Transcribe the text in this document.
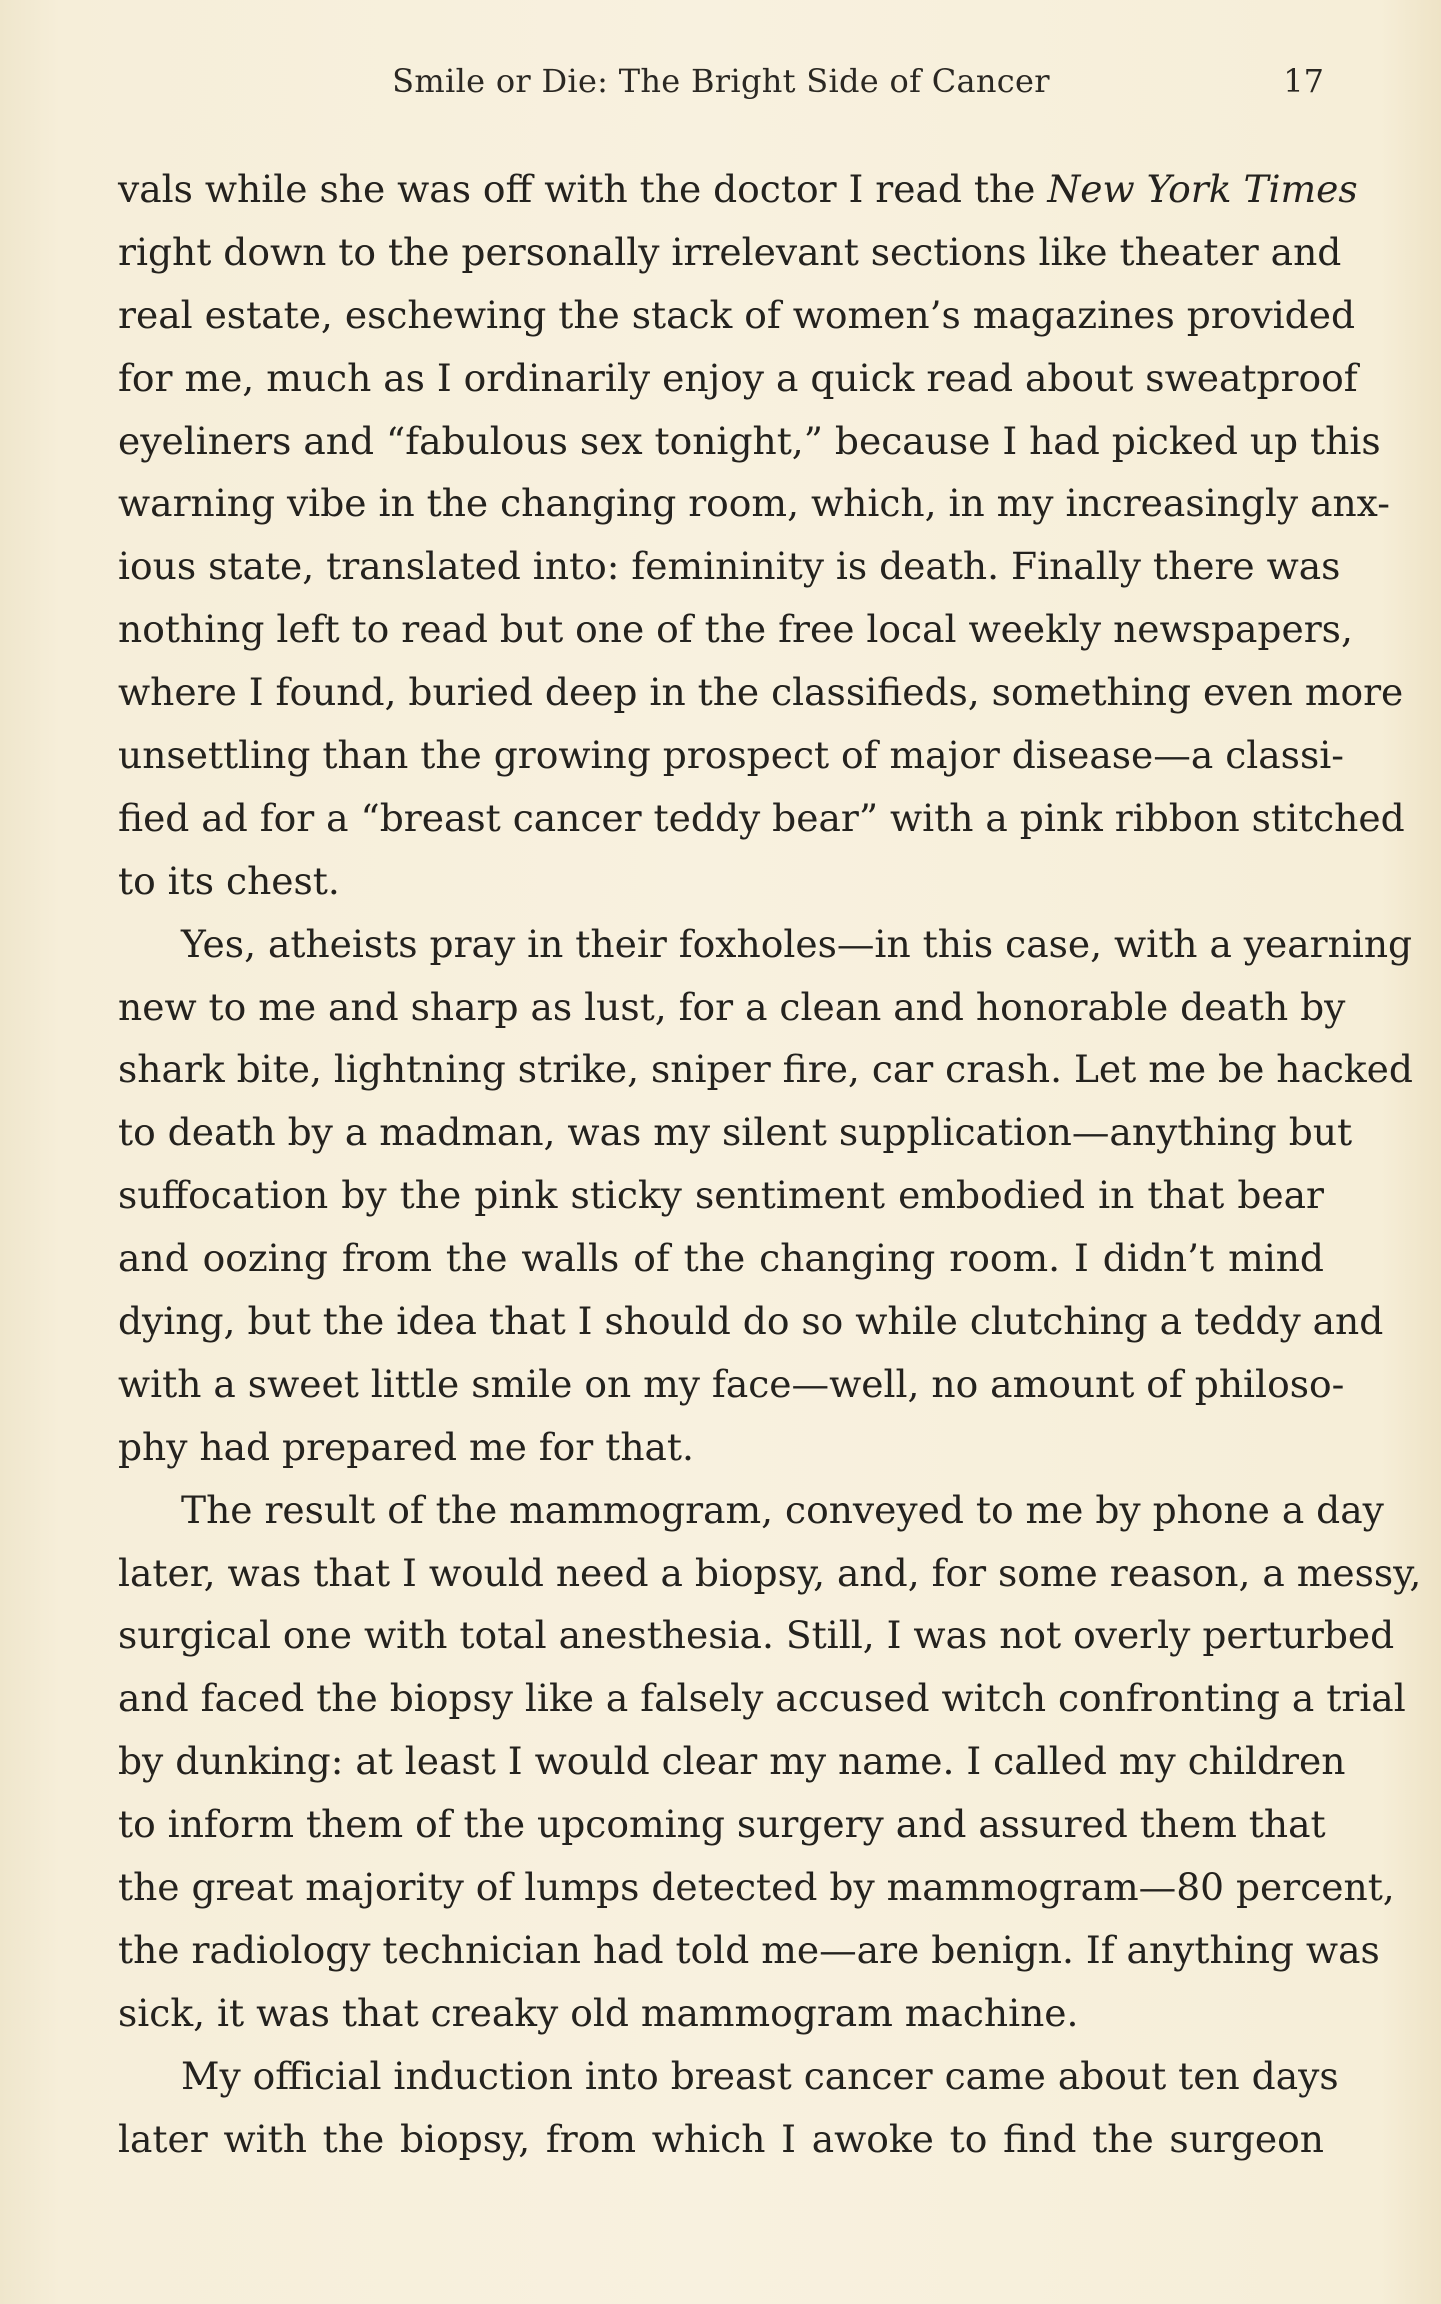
Smile or Die: The Bright Side of Cancer	17
vals while she was off with the doctor I read the New York Times
right down to the personally irrelevant sections like theater and
real estate, eschewing the stack of women’s magazines provided
for me, much as I ordinarily enjoy a quick read about sweatproof
eyeliners and “fabulous sex tonight,” because I had picked up this
warning vibe in the changing room, which, in my increasingly anx-
ious state, translated into: femininity is death. Finally there was
nothing left to read but one of the free local weekly newspapers,
where I found, buried deep in the classifieds, something even more
unsettling than the growing prospect of major disease—a classi-
fied ad for a “breast cancer teddy bear” with a pink ribbon stitched
to its chest.
Yes, atheists pray in their foxholes—in this case, with a yearning
new to me and sharp as lust, for a clean and honorable death by
shark bite, lightning strike, sniper fire, car crash. Let me be hacked
to death by a madman, was my silent supplication—anything but
suffocation by the pink sticky sentiment embodied in that bear
and oozing from the walls of the changing room. I didn’t mind
dying, but the idea that I should do so while clutching a teddy and
with a sweet little smile on my face—well, no amount of philoso-
phy had prepared me for that.
The result of the mammogram, conveyed to me by phone a day
later, was that I would need a biopsy, and, for some reason, a messy,
surgical one with total anesthesia. Still, I was not overly perturbed
and faced the biopsy like a falsely accused witch confronting a trial
by dunking: at least I would clear my name. I called my children
to inform them of the upcoming surgery and assured them that
the great majority of lumps detected by mammogram—80 percent,
the radiology technician had told me—are benign. If anything was
sick, it was that creaky old mammogram machine.
My official induction into breast cancer came about ten days
later with the biopsy, from which I awoke to find the surgeon
